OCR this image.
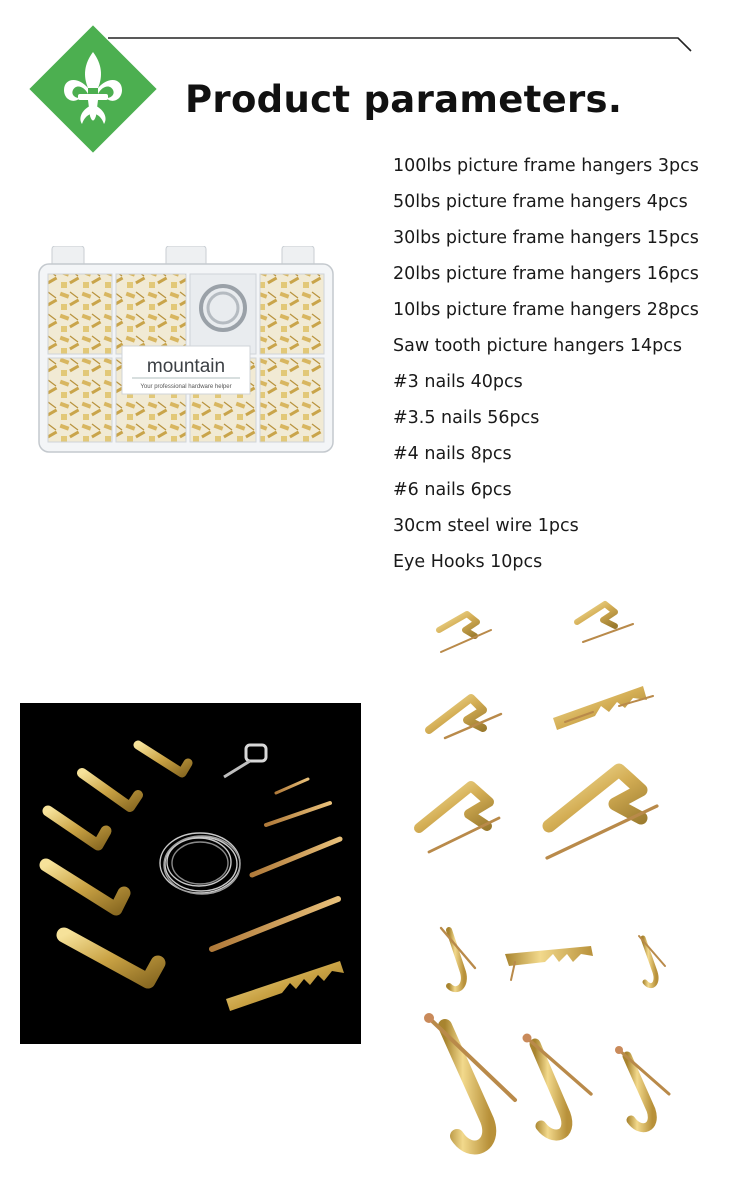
Product parameters.
100lbs picture frame hangers 3pcs
50lbs picture frame hangers 4pcs
30lbs picture frame hangers 15pcs
20lbs picture frame hangers 16pcs
10lbs picture frame hangers 28pcs
Saw tooth picture hangers 14pcs
#3 nails 40pcs
#3.5 nails 56pcs
#4 nails 8pcs
#6 nails 6pcs
30cm steel wire 1pcs
Eye Hooks 10pcs
mountain
Your professional hardware helper
